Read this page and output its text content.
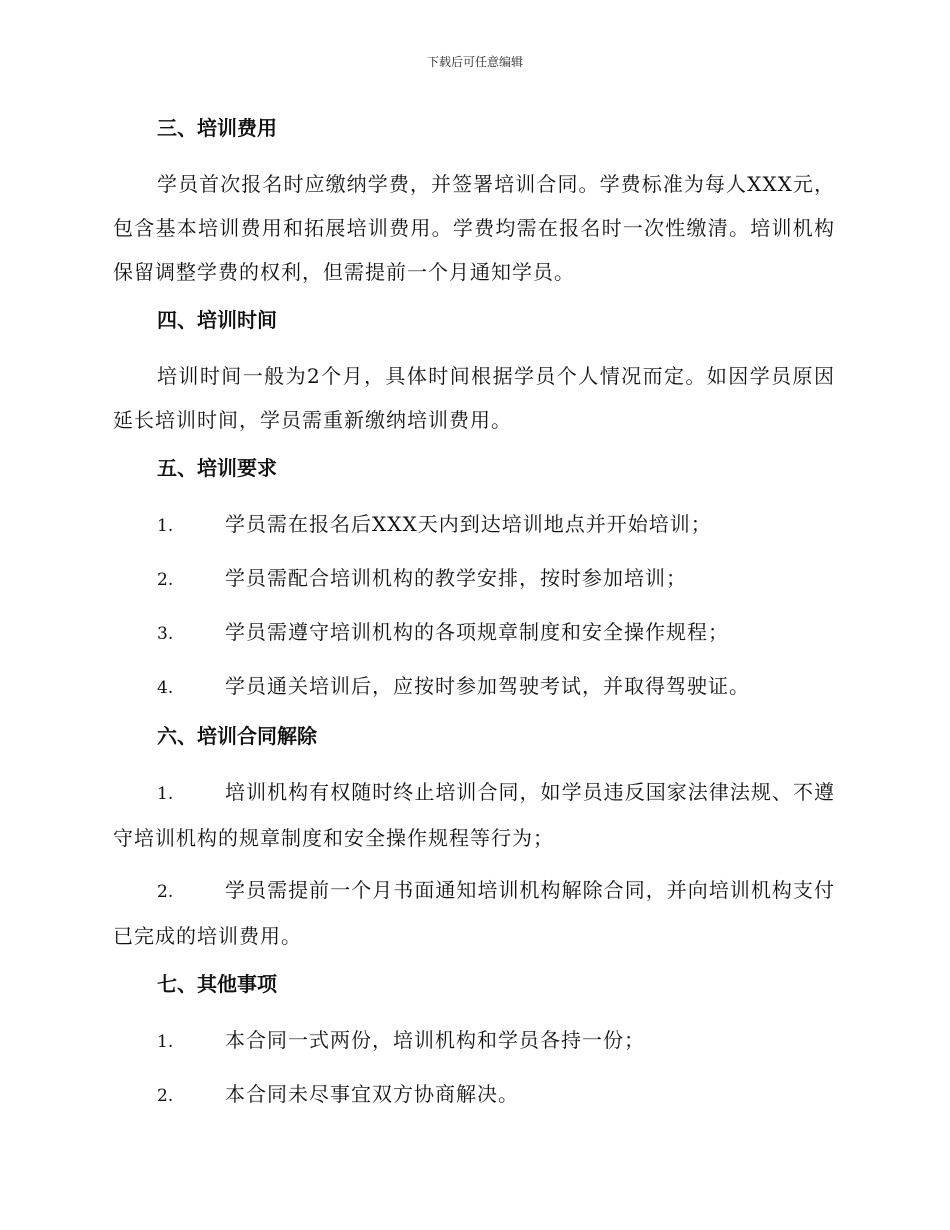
下载后可任意编辑
三、培训费用

学员首次报名时应缴纳学费，并签署培训合同。学费标准为每人XXX元，包含基本培训费用和拓展培训费用。学费均需在报名时一次性缴清。培训机构保留调整学费的权利，但需提前一个月通知学员。

四、培训时间

培训时间一般为2个月，具体时间根据学员个人情况而定。如因学员原因延长培训时间，学员需重新缴纳培训费用。

五、培训要求

1.	学员需在报名后XXX天内到达培训地点并开始培训；

2.	学员需配合培训机构的教学安排，按时参加培训；

3.	学员需遵守培训机构的各项规章制度和安全操作规程；

4.	学员通关培训后，应按时参加驾驶考试，并取得驾驶证。

六、培训合同解除

1.	培训机构有权随时终止培训合同，如学员违反国家法律法规、不遵守培训机构的规章制度和安全操作规程等行为；

2.	学员需提前一个月书面通知培训机构解除合同，并向培训机构支付已完成的培训费用。

七、其他事项

1.	本合同一式两份，培训机构和学员各持一份；

2.	本合同未尽事宜双方协商解决。
